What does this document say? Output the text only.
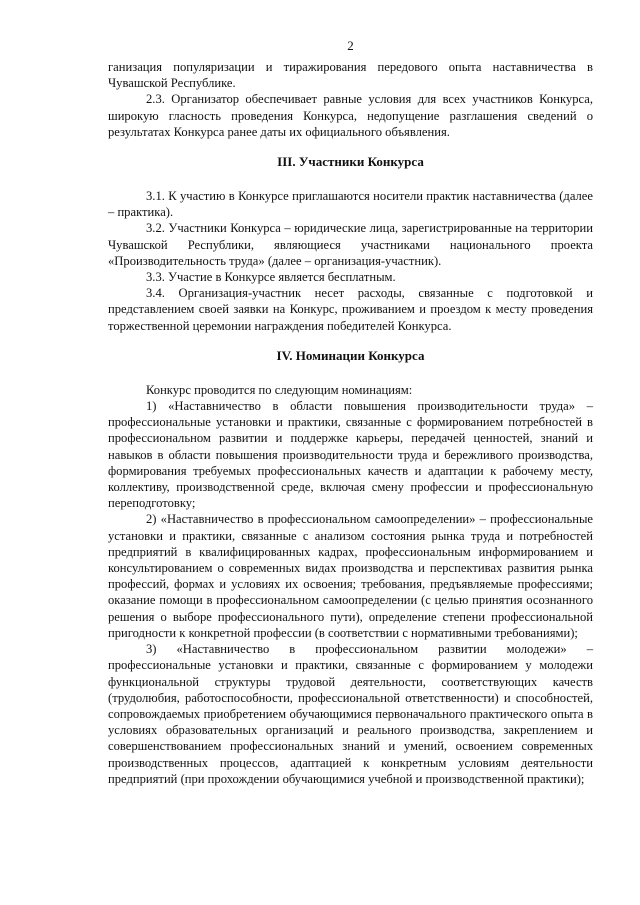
2

ганизация популяризации и тиражирования передового опыта наставничества в Чувашской Республике.

2.3. Организатор обеспечивает равные условия для всех участников Конкурса, широкую гласность проведения Конкурса, недопущение разглашения сведений о результатах Конкурса ранее даты их официального объявления.

III. Участники Конкурса

3.1. К участию в Конкурсе приглашаются носители практик наставничества (далее – практика).

3.2. Участники Конкурса – юридические лица, зарегистрированные на территории Чувашской Республики, являющиеся участниками национального проекта «Производительность труда» (далее – организация-участник).

3.3. Участие в Конкурсе является бесплатным.

3.4. Организация-участник несет расходы, связанные с подготовкой и представлением своей заявки на Конкурс, проживанием и проездом к месту проведения торжественной церемонии награждения победителей Конкурса.

IV. Номинации Конкурса

Конкурс проводится по следующим номинациям:

1) «Наставничество в области повышения производительности труда» – профессиональные установки и практики, связанные с формированием потребностей в профессиональном развитии и поддержке карьеры, передачей ценностей, знаний и навыков в области повышения производительности труда и бережливого производства, формирования требуемых профессиональных качеств и адаптации к рабочему месту, коллективу, производственной среде, включая смену профессии и профессиональную переподготовку;

2) «Наставничество в профессиональном самоопределении» – профессиональные установки и практики, связанные с анализом состояния рынка труда и потребностей предприятий в квалифицированных кадрах, профессиональным информированием и консультированием о современных видах производства и перспективах развития рынка профессий, формах и условиях их освоения; требования, предъявляемые профессиями; оказание помощи в профессиональном самоопределении (с целью принятия осознанного решения о выборе профессионального пути), определение степени профессиональной пригодности к конкретной профессии (в соответствии с нормативными требованиями);

3) «Наставничество в профессиональном развитии молодежи» – профессиональные установки и практики, связанные с формированием у молодежи функциональной структуры трудовой деятельности, соответствующих качеств (трудолюбия, работоспособности, профессиональной ответственности) и способностей, сопровождаемых приобретением обучающимися первоначального практического опыта в условиях образовательных организаций и реального производства, закреплением и совершенствованием профессиональных знаний и умений, освоением современных производственных процессов, адаптацией к конкретным условиям деятельности предприятий (при прохождении обучающимися учебной и производственной практики);
